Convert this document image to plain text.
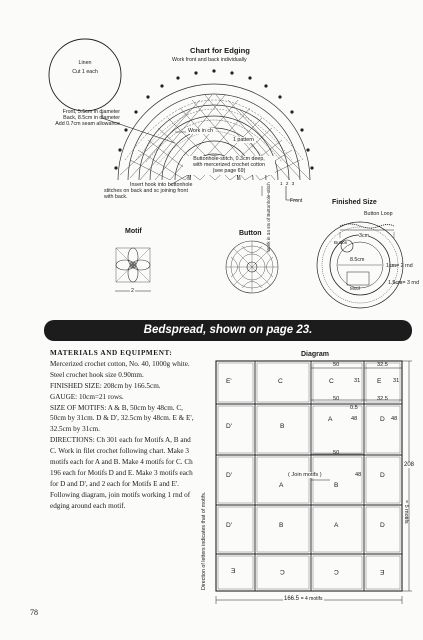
Linen
Cut 1 each
Chart for Edging
Work front and back individually
Front, 5.5cm in diameter
Back, 8.5cm in diameter
Add 0.7cm seam allowance
Work in ch
1 pattern
Buttonhole-stitch, 0.3cm deep,
with mercerized crochet cotton
(see page 69)
Insert hook into buttonhole
stitches on back and sc joining front
with back.
1 2 3
Front
Work in 34 sts of Buttonhole-stitch
Motif
2
Button
Finished Size
Button Loop
3cm
Button
8.5cm
Motif
1cm= 2 rnd
1.5cm= 3 rnd
Bedspread, shown on page 23.

MATERIALS AND EQUIPMENT:

Mercerized crochet cotton, No. 40, 1000g white. Steel crochet hook size 0.90mm.

FINISHED SIZE: 208cm by 166.5cm.

GAUGE: 10cm=21 rows.

SIZE OF MOTIFS: A & B, 50cm by 48cm. C, 50cm by 31cm. D & D', 32.5cm by 48cm. E & E', 32.5cm by 31cm.

DIRECTIONS: Ch 301 each for Motifs A, B and C. Work in filet crochet following chart. Make 3 motifs each for A and B. Make 4 motifs for C. Ch 196 each for Motifs D and E. Make 3 motifs each for D and D', and 2 each for Motifs E and E'. Following diagram, join motifs working 1 rnd of edging around each motif.

Diagram
50	32.5
E'	C	C	31	E 31
50
0.5
32.5
D'	B
A	48	D 48
50
D'
A	B
48	D
( Join motifs )
D'	B	A	D
E	C	C	E
Direction of letters indicates that of motifs.
208
= 5 motifs
166.5 = 4 motifs
78
